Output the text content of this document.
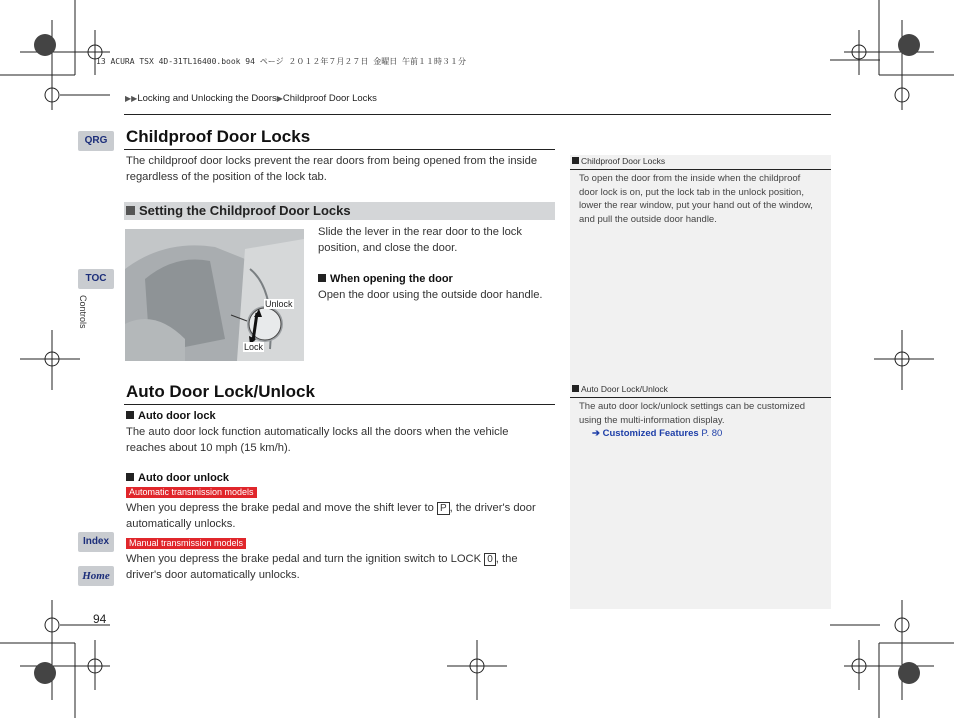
13 ACURA TSX 4D-31TL16400.book 94 ページ ２０１２年７月２７日 金曜日 午前１１時３１分
▶▶Locking and Unlocking the Doors▶Childproof Door Locks
QRG
TOC
Controls
Index
Home
Childproof Door Locks
The childproof door locks prevent the rear doors from being opened from the inside regardless of the position of the lock tab.
Setting the Childproof Door Locks
Unlock
Lock
Slide the lever in the rear door to the lock position, and close the door.
When opening the door
Open the door using the outside door handle.
Auto Door Lock/Unlock
Auto door lock
The auto door lock function automatically locks all the doors when the vehicle reaches about 10 mph (15 km/h).
Auto door unlock
Automatic transmission models
When you depress the brake pedal and move the shift lever to P , the driver's door automatically unlocks.
Manual transmission models
When you depress the brake pedal and turn the ignition switch to LOCK 0 , the driver's door automatically unlocks.
Childproof Door Locks
To open the door from the inside when the childproof door lock is on, put the lock tab in the unlock position, lower the rear window, put your hand out of the window, and pull the outside door handle.
Auto Door Lock/Unlock
The auto door lock/unlock settings can be customized using the multi-information display.
➔ Customized Features P. 80
94
